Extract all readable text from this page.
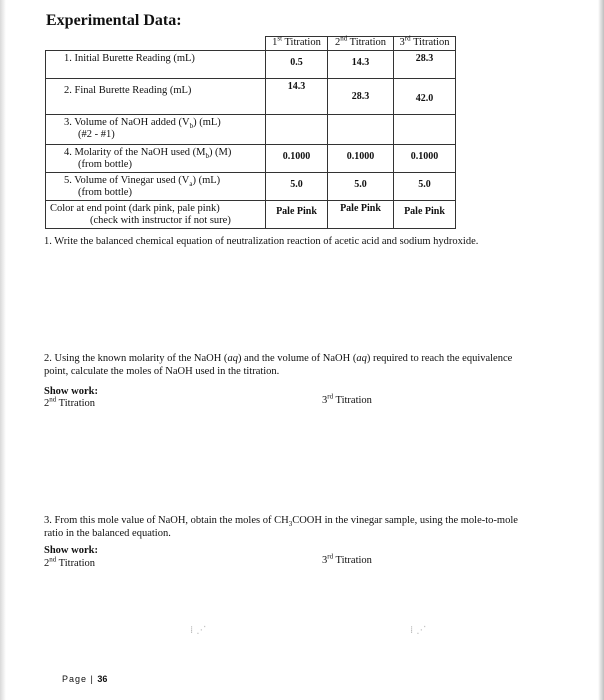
Experimental Data:
	1st Titration	2nd Titration	3rd Titration
1. Initial Burette Reading (mL)	0.5	14.3	28.3
2. Final Burette Reading (mL)	14.3	28.3	42.0
3. Volume of NaOH added $(V_b)$ (mL)
(#2 - #1)			

4. Molarity of the NaOH used $(M_b)$ (M)
(from bottle)	0.1000	0.1000	0.1000
5. Volume of Vinegar used $(V_a)$ (mL)
(from bottle)	5.0	5.0	5.0
Color at end point (dark pink, pale pink)
(check with instructor if not sure)	Pale Pink	Pale Pink	Pale Pink
1. Write the balanced chemical equation of neutralization reaction of acetic acid and sodium hydroxide.
2. Using the known molarity of the NaOH (aq) and the volume of NaOH (aq) required to reach the equivalence point, calculate the moles of NaOH used in the titration.
Show work:
2nd Titration	3rd Titration
3. From this mole value of NaOH, obtain the moles of $CH_3COOH$ in the vinegar sample, using the mole-to-mole ratio in the balanced equation.
Show work:
2nd Titration	3rd Titration
⁞ ⋰	⁞ ⋰
Page | 36
